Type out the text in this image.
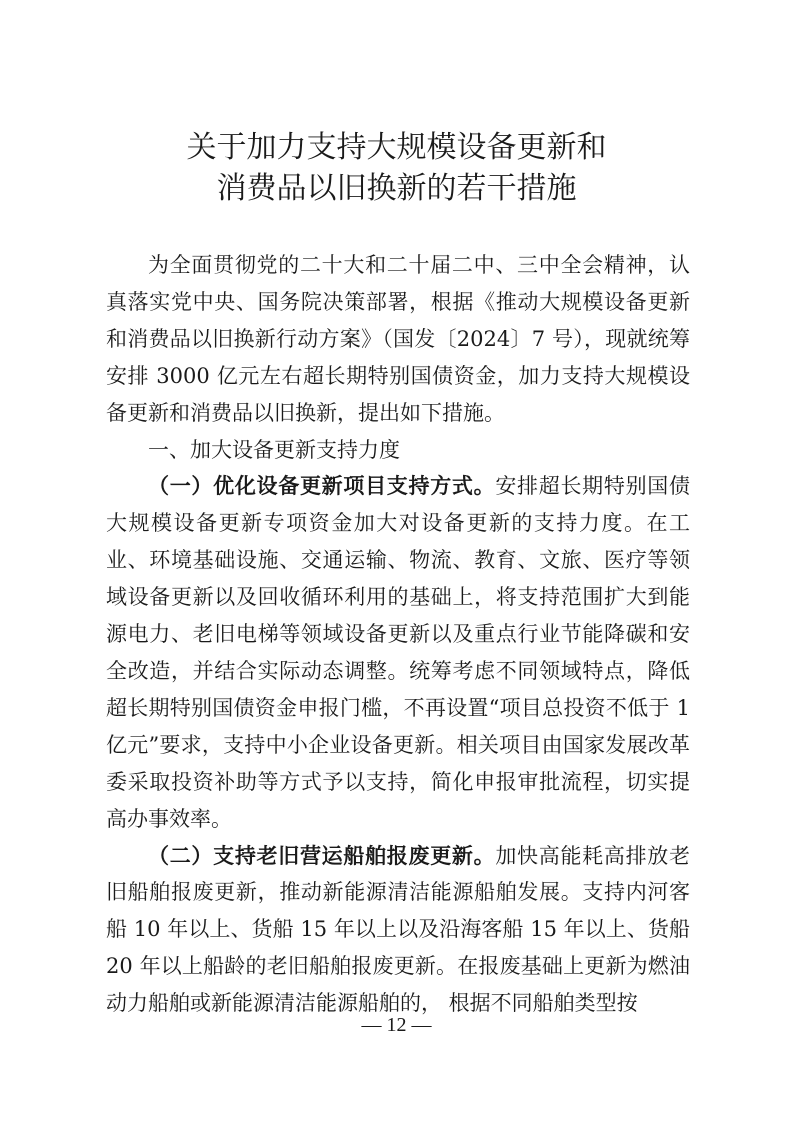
关于加力支持大规模设备更新和
消费品以旧换新的若干措施

为全面贯彻党的二十大和二十届二中、三中全会精神，认真落实党中央、国务院决策部署，根据《推动大规模设备更新和消费品以旧换新行动方案》（国发〔2024〕7 号），现就统筹安排 3000 亿元左右超长期特别国债资金，加力支持大规模设备更新和消费品以旧换新，提出如下措施。

一、加大设备更新支持力度

（一）优化设备更新项目支持方式。安排超长期特别国债大规模设备更新专项资金加大对设备更新的支持力度。在工业、环境基础设施、交通运输、物流、教育、文旅、医疗等领域设备更新以及回收循环利用的基础上，将支持范围扩大到能源电力、老旧电梯等领域设备更新以及重点行业节能降碳和安全改造，并结合实际动态调整。统筹考虑不同领域特点，降低超长期特别国债资金申报门槛，不再设置“项目总投资不低于 1 亿元”要求，支持中小企业设备更新。相关项目由国家发展改革委采取投资补助等方式予以支持，简化申报审批流程，切实提高办事效率。

（二）支持老旧营运船舶报废更新。加快高能耗高排放老旧船舶报废更新，推动新能源清洁能源船舶发展。支持内河客船 10 年以上、货船 15 年以上以及沿海客船 15 年以上、货船 20 年以上船龄的老旧船舶报废更新。在报废基础上更新为燃油动力船舶或新能源清洁能源船舶的， 根据不同船舶类型按

— 12 —
